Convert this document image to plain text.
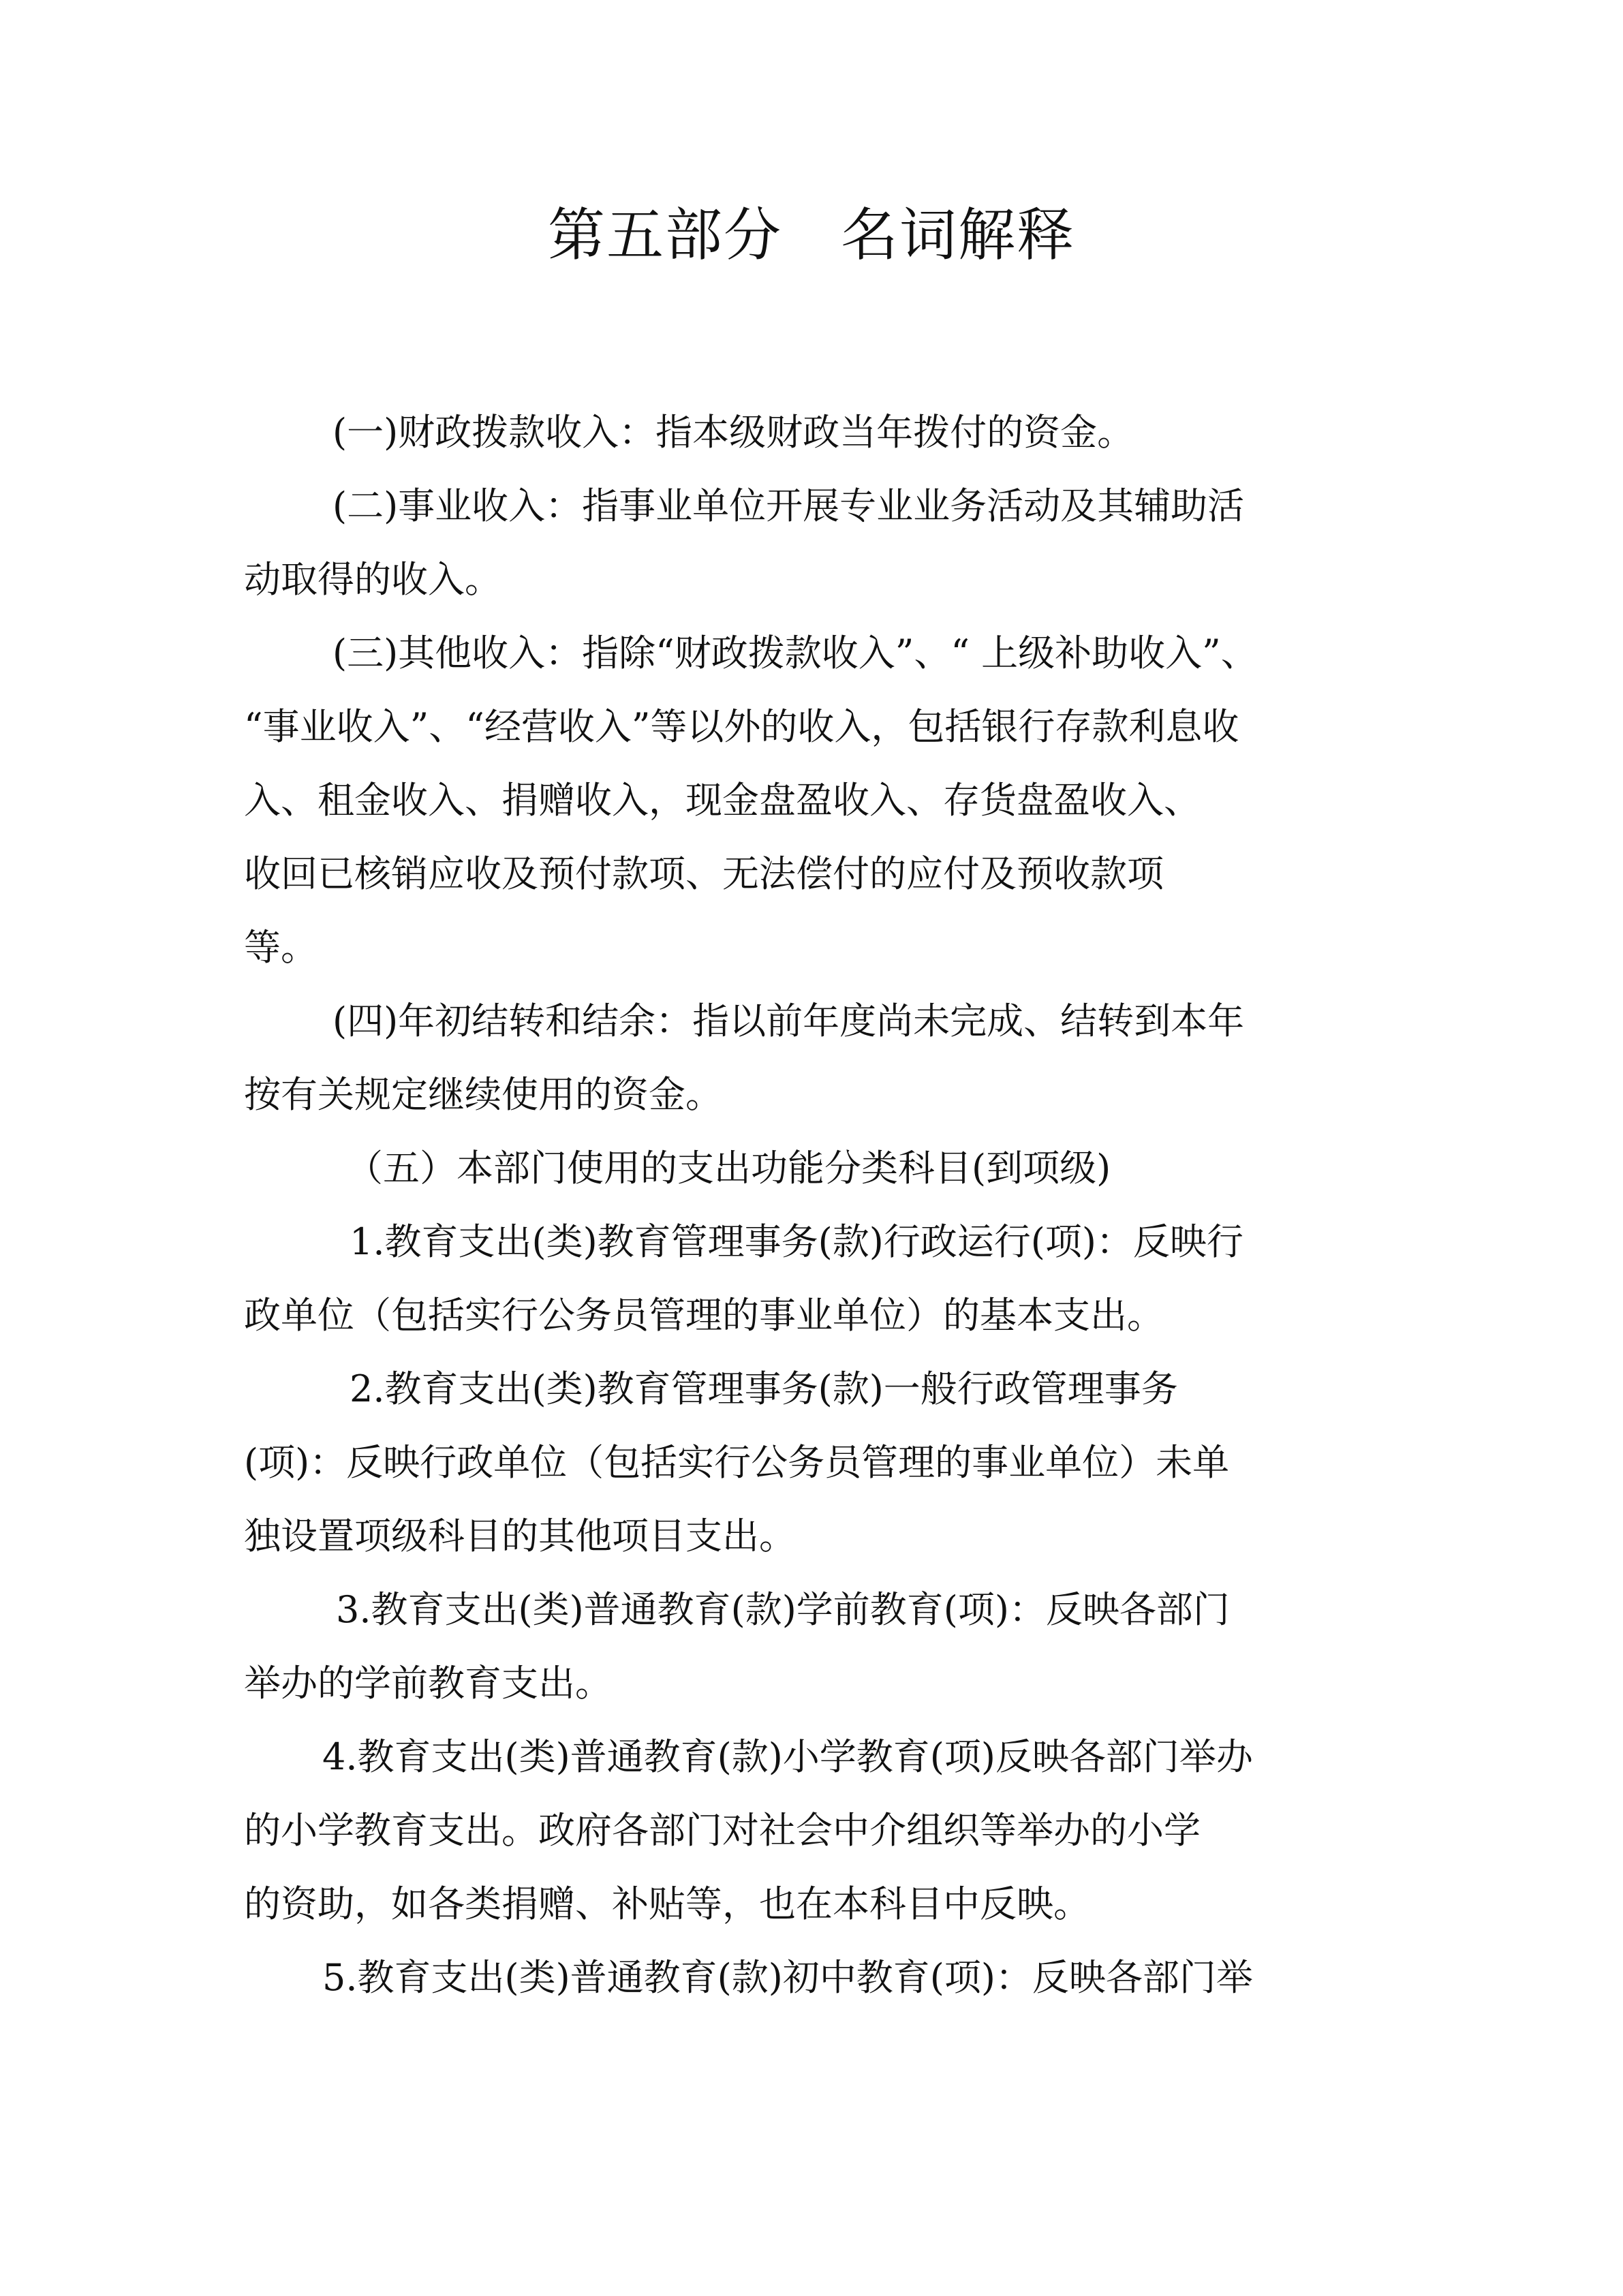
第五部分　名词解释
(一)财政拨款收入：指本级财政当年拨付的资金。
(二)事业收入：指事业单位开展专业业务活动及其辅助活
动取得的收入。
(三)其他收入：指除“财政拨款收入”、“ 上级补助收入”、
“事业收入”、“经营收入”等以外的收入，包括银行存款利息收
入、租金收入、捐赠收入，现金盘盈收入、存货盘盈收入、
收回已核销应收及预付款项、无法偿付的应付及预收款项
等。
(四)年初结转和结余：指以前年度尚未完成、结转到本年
按有关规定继续使用的资金。
（五）本部门使用的支出功能分类科目(到项级)
1.教育支出(类)教育管理事务(款)行政运行(项)：反映行
政单位（包括实行公务员管理的事业单位）的基本支出。
2.教育支出(类)教育管理事务(款)一般行政管理事务
(项)：反映行政单位（包括实行公务员管理的事业单位）未单
独设置项级科目的其他项目支出。
3.教育支出(类)普通教育(款)学前教育(项)：反映各部门
举办的学前教育支出。
4.教育支出(类)普通教育(款)小学教育(项)反映各部门举办
的小学教育支出。政府各部门对社会中介组织等举办的小学
的资助，如各类捐赠、补贴等，也在本科目中反映。
5.教育支出(类)普通教育(款)初中教育(项)：反映各部门举
